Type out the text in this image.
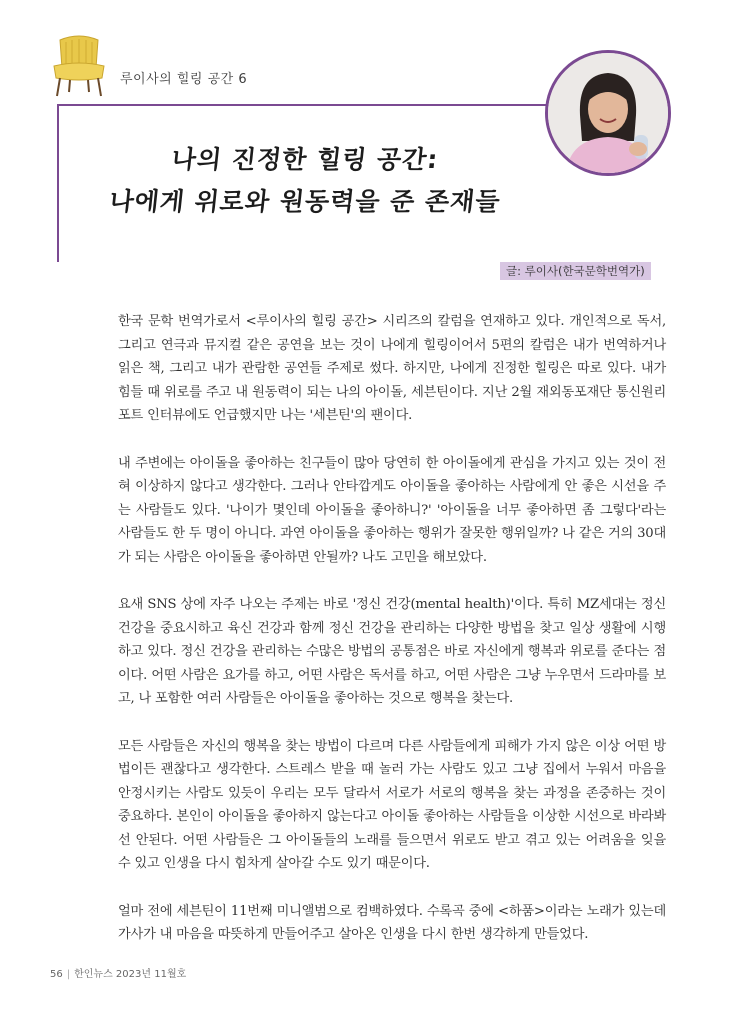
루이사의 힐링 공간 6
나의 진정한 힐링 공간:
나에게 위로와 원동력을 준 존재들
글: 루이사(한국문학번역가)

한국 문학 번역가로서 <루이사의 힐링 공간> 시리즈의 칼럼을 연재하고 있다. 개인적으로 독서, 그리고 연극과 뮤지컬 같은 공연을 보는 것이 나에게 힐링이어서 5편의 칼럼은 내가 번역하거나 읽은 책, 그리고 내가 관람한 공연들 주제로 썼다. 하지만, 나에게 진정한 힐링은 따로 있다. 내가 힘들 때 위로를 주고 내 원동력이 되는 나의 아이돌, 세븐틴이다. 지난 2월 재외동포재단 통신원리포트 인터뷰에도 언급했지만 나는 '세븐틴'의 팬이다.

내 주변에는 아이돌을 좋아하는 친구들이 많아 당연히 한 아이돌에게 관심을 가지고 있는 것이 전혀 이상하지 않다고 생각한다. 그러나 안타깝게도 아이돌을 좋아하는 사람에게 안 좋은 시선을 주는 사람들도 있다. '나이가 몇인데 아이돌을 좋아하니?' '아이돌을 너무 좋아하면 좀 그렇다'라는 사람들도 한 두 명이 아니다. 과연 아이돌을 좋아하는 행위가 잘못한 행위일까? 나 같은 거의 30대가 되는 사람은 아이돌을 좋아하면 안될까? 나도 고민을 해보았다.

요새 SNS 상에 자주 나오는 주제는 바로 '정신 건강(mental health)'이다. 특히 MZ세대는 정신 건강을 중요시하고 육신 건강과 함께 정신 건강을 관리하는 다양한 방법을 찾고 일상 생활에 시행하고 있다. 정신 건강을 관리하는 수많은 방법의 공통점은 바로 자신에게 행복과 위로를 준다는 점이다. 어떤 사람은 요가를 하고, 어떤 사람은 독서를 하고, 어떤 사람은 그냥 누우면서 드라마를 보고, 나 포함한 여러 사람들은 아이돌을 좋아하는 것으로 행복을 찾는다.

모든 사람들은 자신의 행복을 찾는 방법이 다르며 다른 사람들에게 피해가 가지 않은 이상 어떤 방법이든 괜찮다고 생각한다. 스트레스 받을 때 놀러 가는 사람도 있고 그냥 집에서 누워서 마음을 안정시키는 사람도 있듯이 우리는 모두 달라서 서로가 서로의 행복을 찾는 과정을 존중하는 것이 중요하다. 본인이 아이돌을 좋아하지 않는다고 아이돌 좋아하는 사람들을 이상한 시선으로 바라봐선 안된다. 어떤 사람들은 그 아이돌들의 노래를 들으면서 위로도 받고 겪고 있는 어려움을 잊을 수 있고 인생을 다시 힘차게 살아갈 수도 있기 때문이다.

얼마 전에 세븐틴이 11번째 미니앨범으로 컴백하였다. 수록곡 중에 <하품>이라는 노래가 있는데 가사가 내 마음을 따뜻하게 만들어주고 살아온 인생을 다시 한번 생각하게 만들었다.

56 | 한인뉴스 2023년 11월호
